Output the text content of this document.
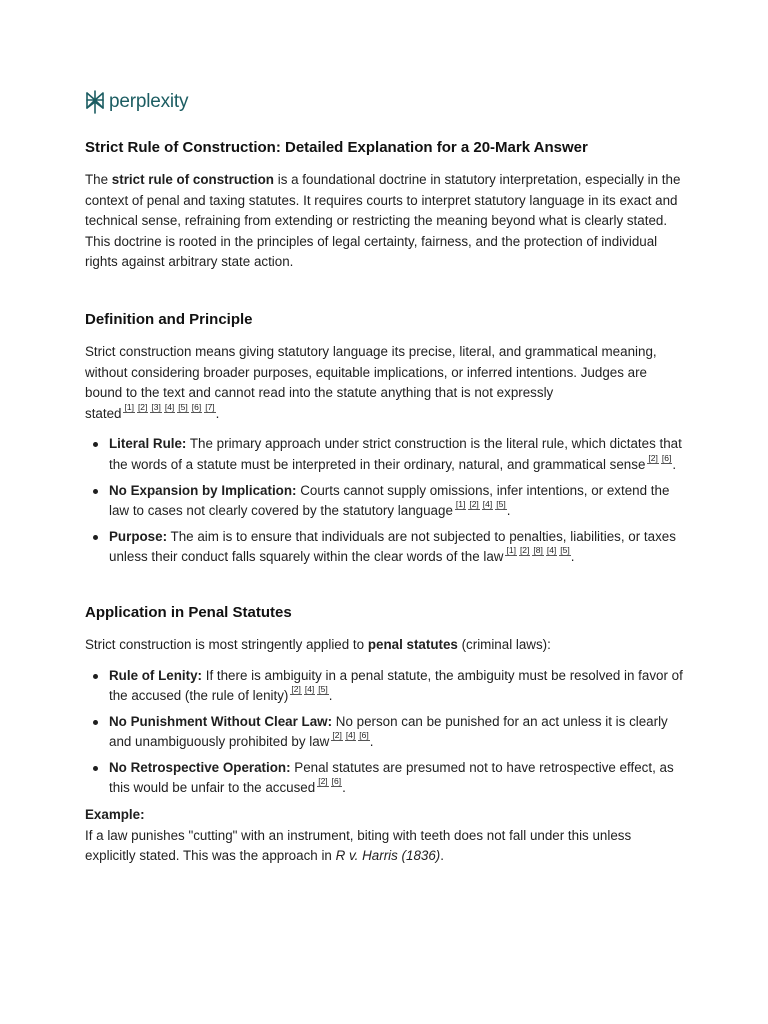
perplexity
Strict Rule of Construction: Detailed Explanation for a 20-Mark Answer

The strict rule of construction is a foundational doctrine in statutory interpretation, especially in the context of penal and taxing statutes. It requires courts to interpret statutory language in its exact and technical sense, refraining from extending or restricting the meaning beyond what is clearly stated. This doctrine is rooted in the principles of legal certainty, fairness, and the protection of individual rights against arbitrary state action.

Definition and Principle

Strict construction means giving statutory language its precise, literal, and grammatical meaning, without considering broader purposes, equitable implications, or inferred intentions. Judges are bound to the text and cannot read into the statute anything that is not expressly stated [1] [2] [3] [4] [5] [6] [7].

Literal Rule: The primary approach under strict construction is the literal rule, which dictates that the words of a statute must be interpreted in their ordinary, natural, and grammatical sense [2] [6].
No Expansion by Implication: Courts cannot supply omissions, infer intentions, or extend the law to cases not clearly covered by the statutory language [1] [2] [4] [5].
Purpose: The aim is to ensure that individuals are not subjected to penalties, liabilities, or taxes unless their conduct falls squarely within the clear words of the law [1] [2] [8] [4] [5].
Application in Penal Statutes

Strict construction is most stringently applied to penal statutes (criminal laws):

Rule of Lenity: If there is ambiguity in a penal statute, the ambiguity must be resolved in favor of the accused (the rule of lenity) [2] [4] [5].
No Punishment Without Clear Law: No person can be punished for an act unless it is clearly and unambiguously prohibited by law [2] [4] [6].
No Retrospective Operation: Penal statutes are presumed not to have retrospective effect, as this would be unfair to the accused [2] [6].

Example:

If a law punishes "cutting" with an instrument, biting with teeth does not fall under this unless explicitly stated. This was the approach in R v. Harris (1836).
